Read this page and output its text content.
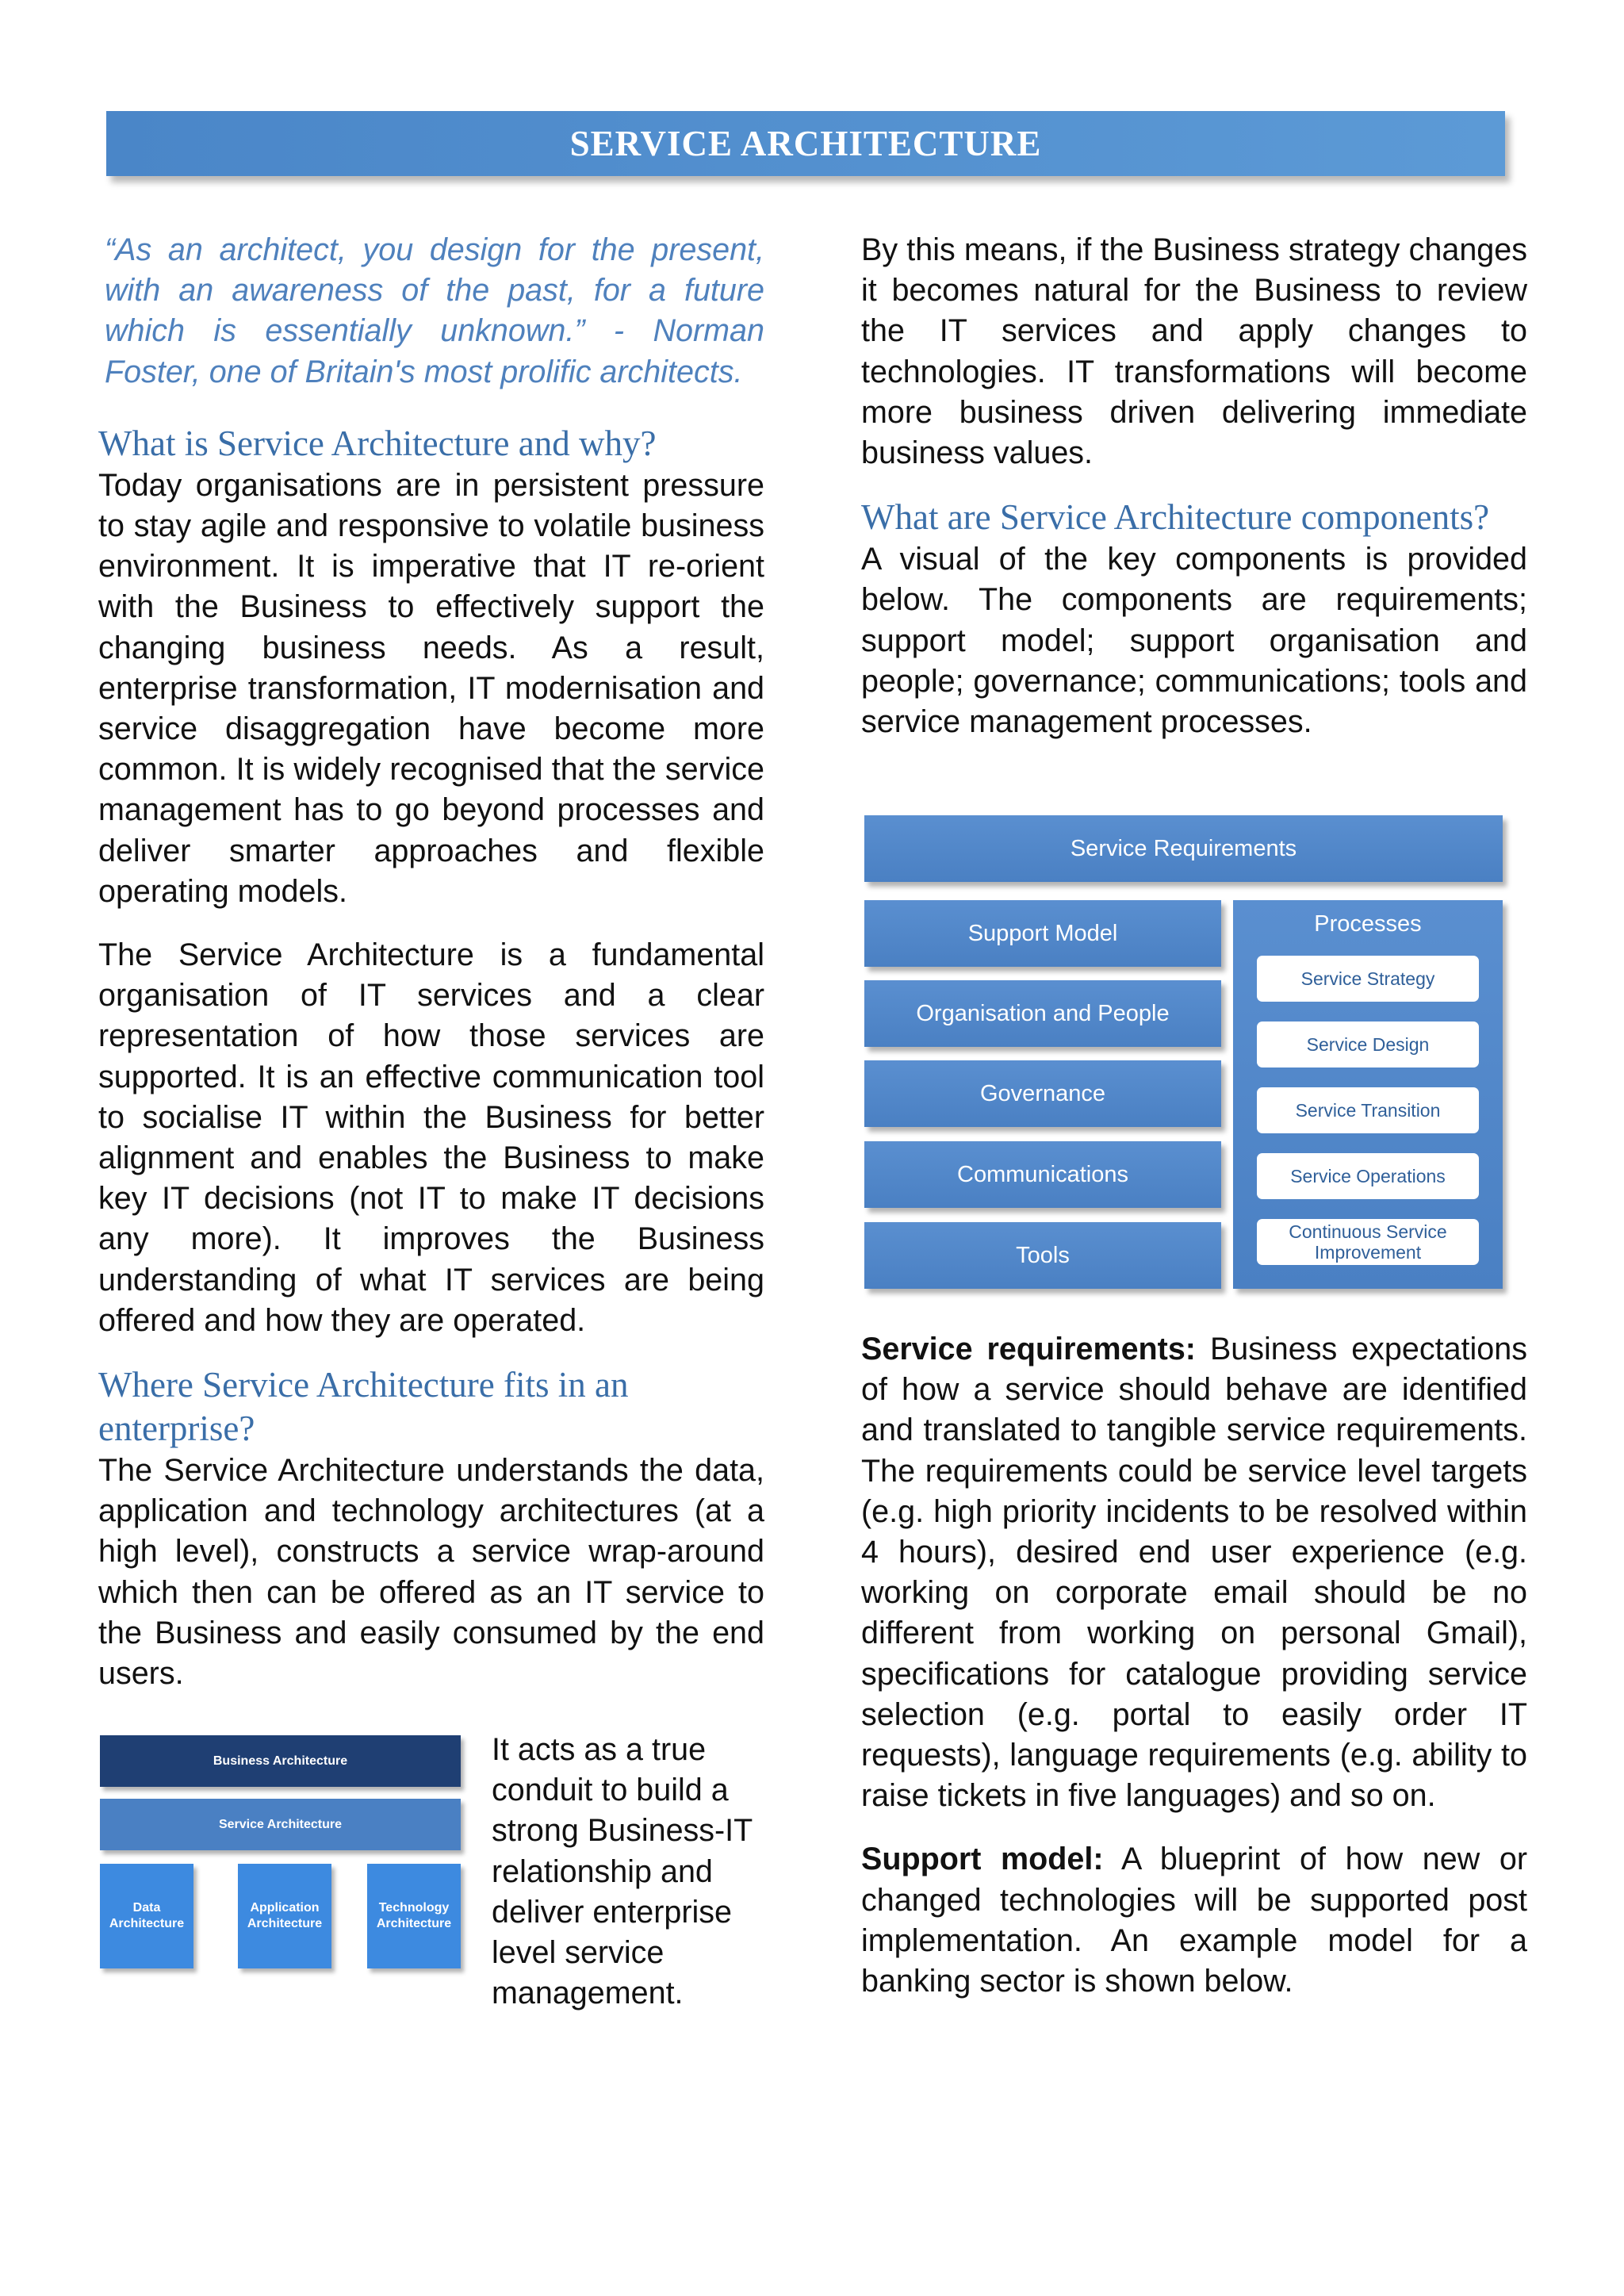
SERVICE ARCHITECTURE

“As an architect, you design for the present, with an awareness of the past, for a future which is essentially unknown.” - Norman Foster, one of Britain's most prolific architects.

What is Service Architecture and why?

Today organisations are in persistent pressure to stay agile and responsive to volatile business environment. It is imperative that IT re-orient with the Business to effectively support the changing business needs. As a result, enterprise transformation, IT modernisation and service disaggregation have become more common. It is widely recognised that the service management has to go beyond processes and deliver smarter approaches and flexible operating models.

The Service Architecture is a fundamental organisation of IT services and a clear representation of how those services are supported. It is an effective communication tool to socialise IT within the Business for better alignment and enables the Business to make key IT decisions (not IT to make IT decisions any more). It improves the Business understanding of what IT services are being offered and how they are operated.

Where Service Architecture fits in an enterprise?

The Service Architecture understands the data, application and technology architectures (at a high level), constructs a service wrap-around which then can be offered as an IT service to the Business and easily consumed by the end users.

Business Architecture
Service Architecture
Data Architecture
Application Architecture
Technology Architecture
It acts as a true conduit to build a strong Business-IT relationship and deliver enterprise level service management.

By this means, if the Business strategy changes it becomes natural for the Business to review the IT services and apply changes to technologies. IT transformations will become more business driven delivering immediate business values.

What are Service Architecture components?

A visual of the key components is provided below. The components are requirements; support model; support organisation and people; governance; communications; tools and service management processes.

Service Requirements
Support Model
Organisation and People
Governance
Communications
Tools
Processes
Service Strategy
Service Design
Service Transition
Service Operations
Continuous Service Improvement

Service requirements: Business expectations of how a service should behave are identified and translated to tangible service requirements. The requirements could be service level targets (e.g. high priority incidents to be resolved within 4 hours), desired end user experience (e.g. working on corporate email should be no different from working on personal Gmail), specifications for catalogue providing service selection (e.g. portal to easily order IT requests), language requirements (e.g. ability to raise tickets in five languages) and so on.

Support model: A blueprint of how new or changed technologies will be supported post implementation. An example model for a banking sector is shown below.
